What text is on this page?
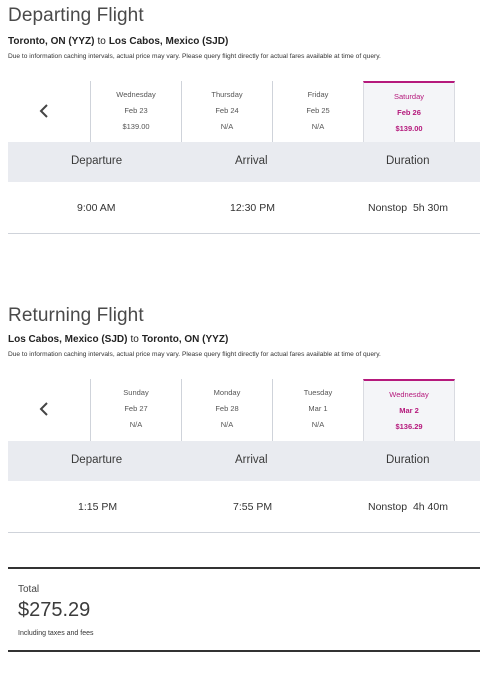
Departing Flight
Toronto, ON (YYZ) to Los Cabos, Mexico (SJD)
Due to information caching intervals, actual price may vary. Please query flight directly for actual fares available at time of query.
Wednesday
Feb 23
$139.00
Thursday
Feb 24
N/A
Friday
Feb 25
N/A
Saturday
Feb 26
$139.00
Departure	Arrival	Duration
9:00 AM	12:30 PM	Nonstop  5h 30m
Returning Flight
Los Cabos, Mexico (SJD) to Toronto, ON (YYZ)
Due to information caching intervals, actual price may vary. Please query flight directly for actual fares available at time of query.
Sunday
Feb 27
N/A
Monday
Feb 28
N/A
Tuesday
Mar 1
N/A
Wednesday
Mar 2
$136.29
Departure	Arrival	Duration
1:15 PM	7:55 PM	Nonstop  4h 40m
Total
$275.29
Including taxes and fees
